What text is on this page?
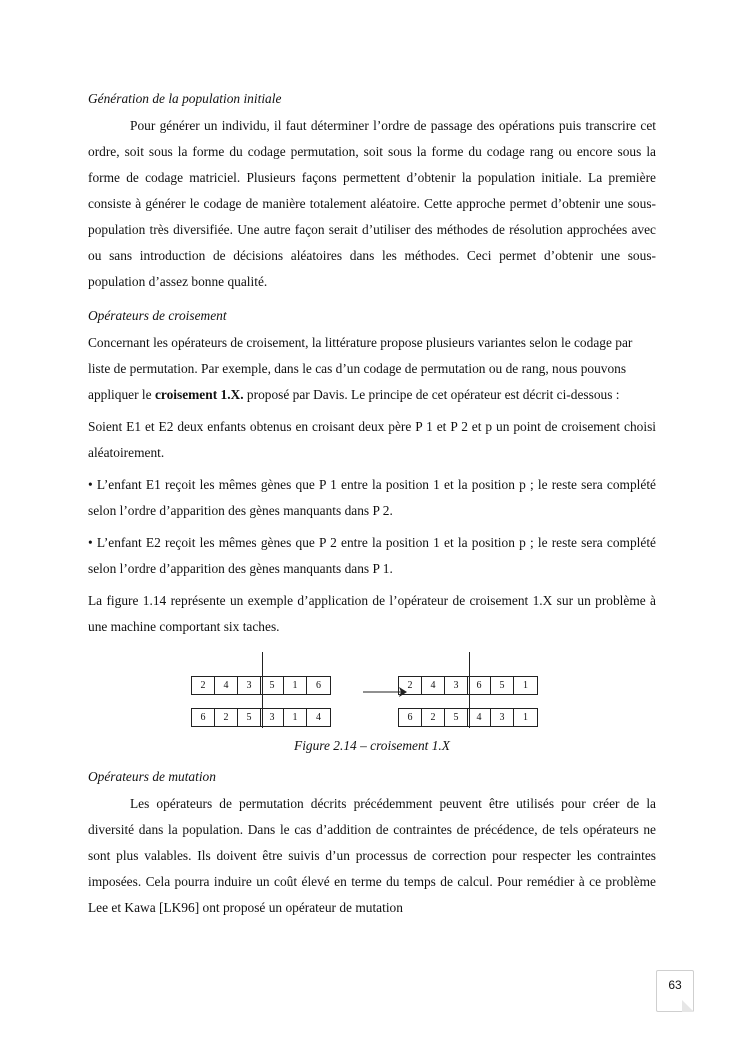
Génération de la population initiale

Pour générer un individu, il faut déterminer l’ordre de passage des opérations puis transcrire cet ordre, soit sous la forme du codage permutation, soit sous la forme du codage rang ou encore sous la forme de codage matriciel. Plusieurs façons permettent d’obtenir la population initiale. La première consiste à générer le codage de manière totalement aléatoire. Cette approche permet d’obtenir une sous-population très diversifiée. Une autre façon serait d’utiliser des méthodes de résolution approchées avec ou sans introduction de décisions aléatoires dans les méthodes. Ceci permet d’obtenir une sous-population d’assez bonne qualité.

Opérateurs de croisement

Concernant les opérateurs de croisement, la littérature propose plusieurs variantes selon le codage par liste de permutation. Par exemple, dans le cas d’un codage de permutation ou de rang, nous pouvons appliquer le croisement 1.X. proposé par Davis. Le principe de cet opérateur est décrit ci-dessous :

Soient E1 et E2 deux enfants obtenus en croisant deux père P 1 et P 2 et p un point de croisement choisi aléatoirement.

• L’enfant E1 reçoit les mêmes gènes que P 1 entre la position 1 et la position p ; le reste sera complété selon l’ordre d’apparition des gènes manquants dans P 2.

• L’enfant E2 reçoit les mêmes gènes que P 2 entre la position 1 et la position p ; le reste sera complété selon l’ordre d’apparition des gènes manquants dans P 1.

La figure 1.14 représente un exemple d’application de l’opérateur de croisement 1.X sur un problème à une machine comportant six taches.

2	4	3	5	1	6
6	2	5	3	1	4
2	4	3	6	5	1
6	2	5	4	3	1
Figure 2.14 – croisement 1.X
Opérateurs de mutation

Les opérateurs de permutation décrits précédemment peuvent être utilisés pour créer de la diversité dans la population. Dans le cas d’addition de contraintes de précédence, de tels opérateurs ne sont plus valables. Ils doivent être suivis d’un processus de correction pour respecter les contraintes imposées. Cela pourra induire un coût élevé en terme du temps de calcul. Pour remédier à ce problème Lee et Kawa [LK96] ont proposé un opérateur de mutation

63
